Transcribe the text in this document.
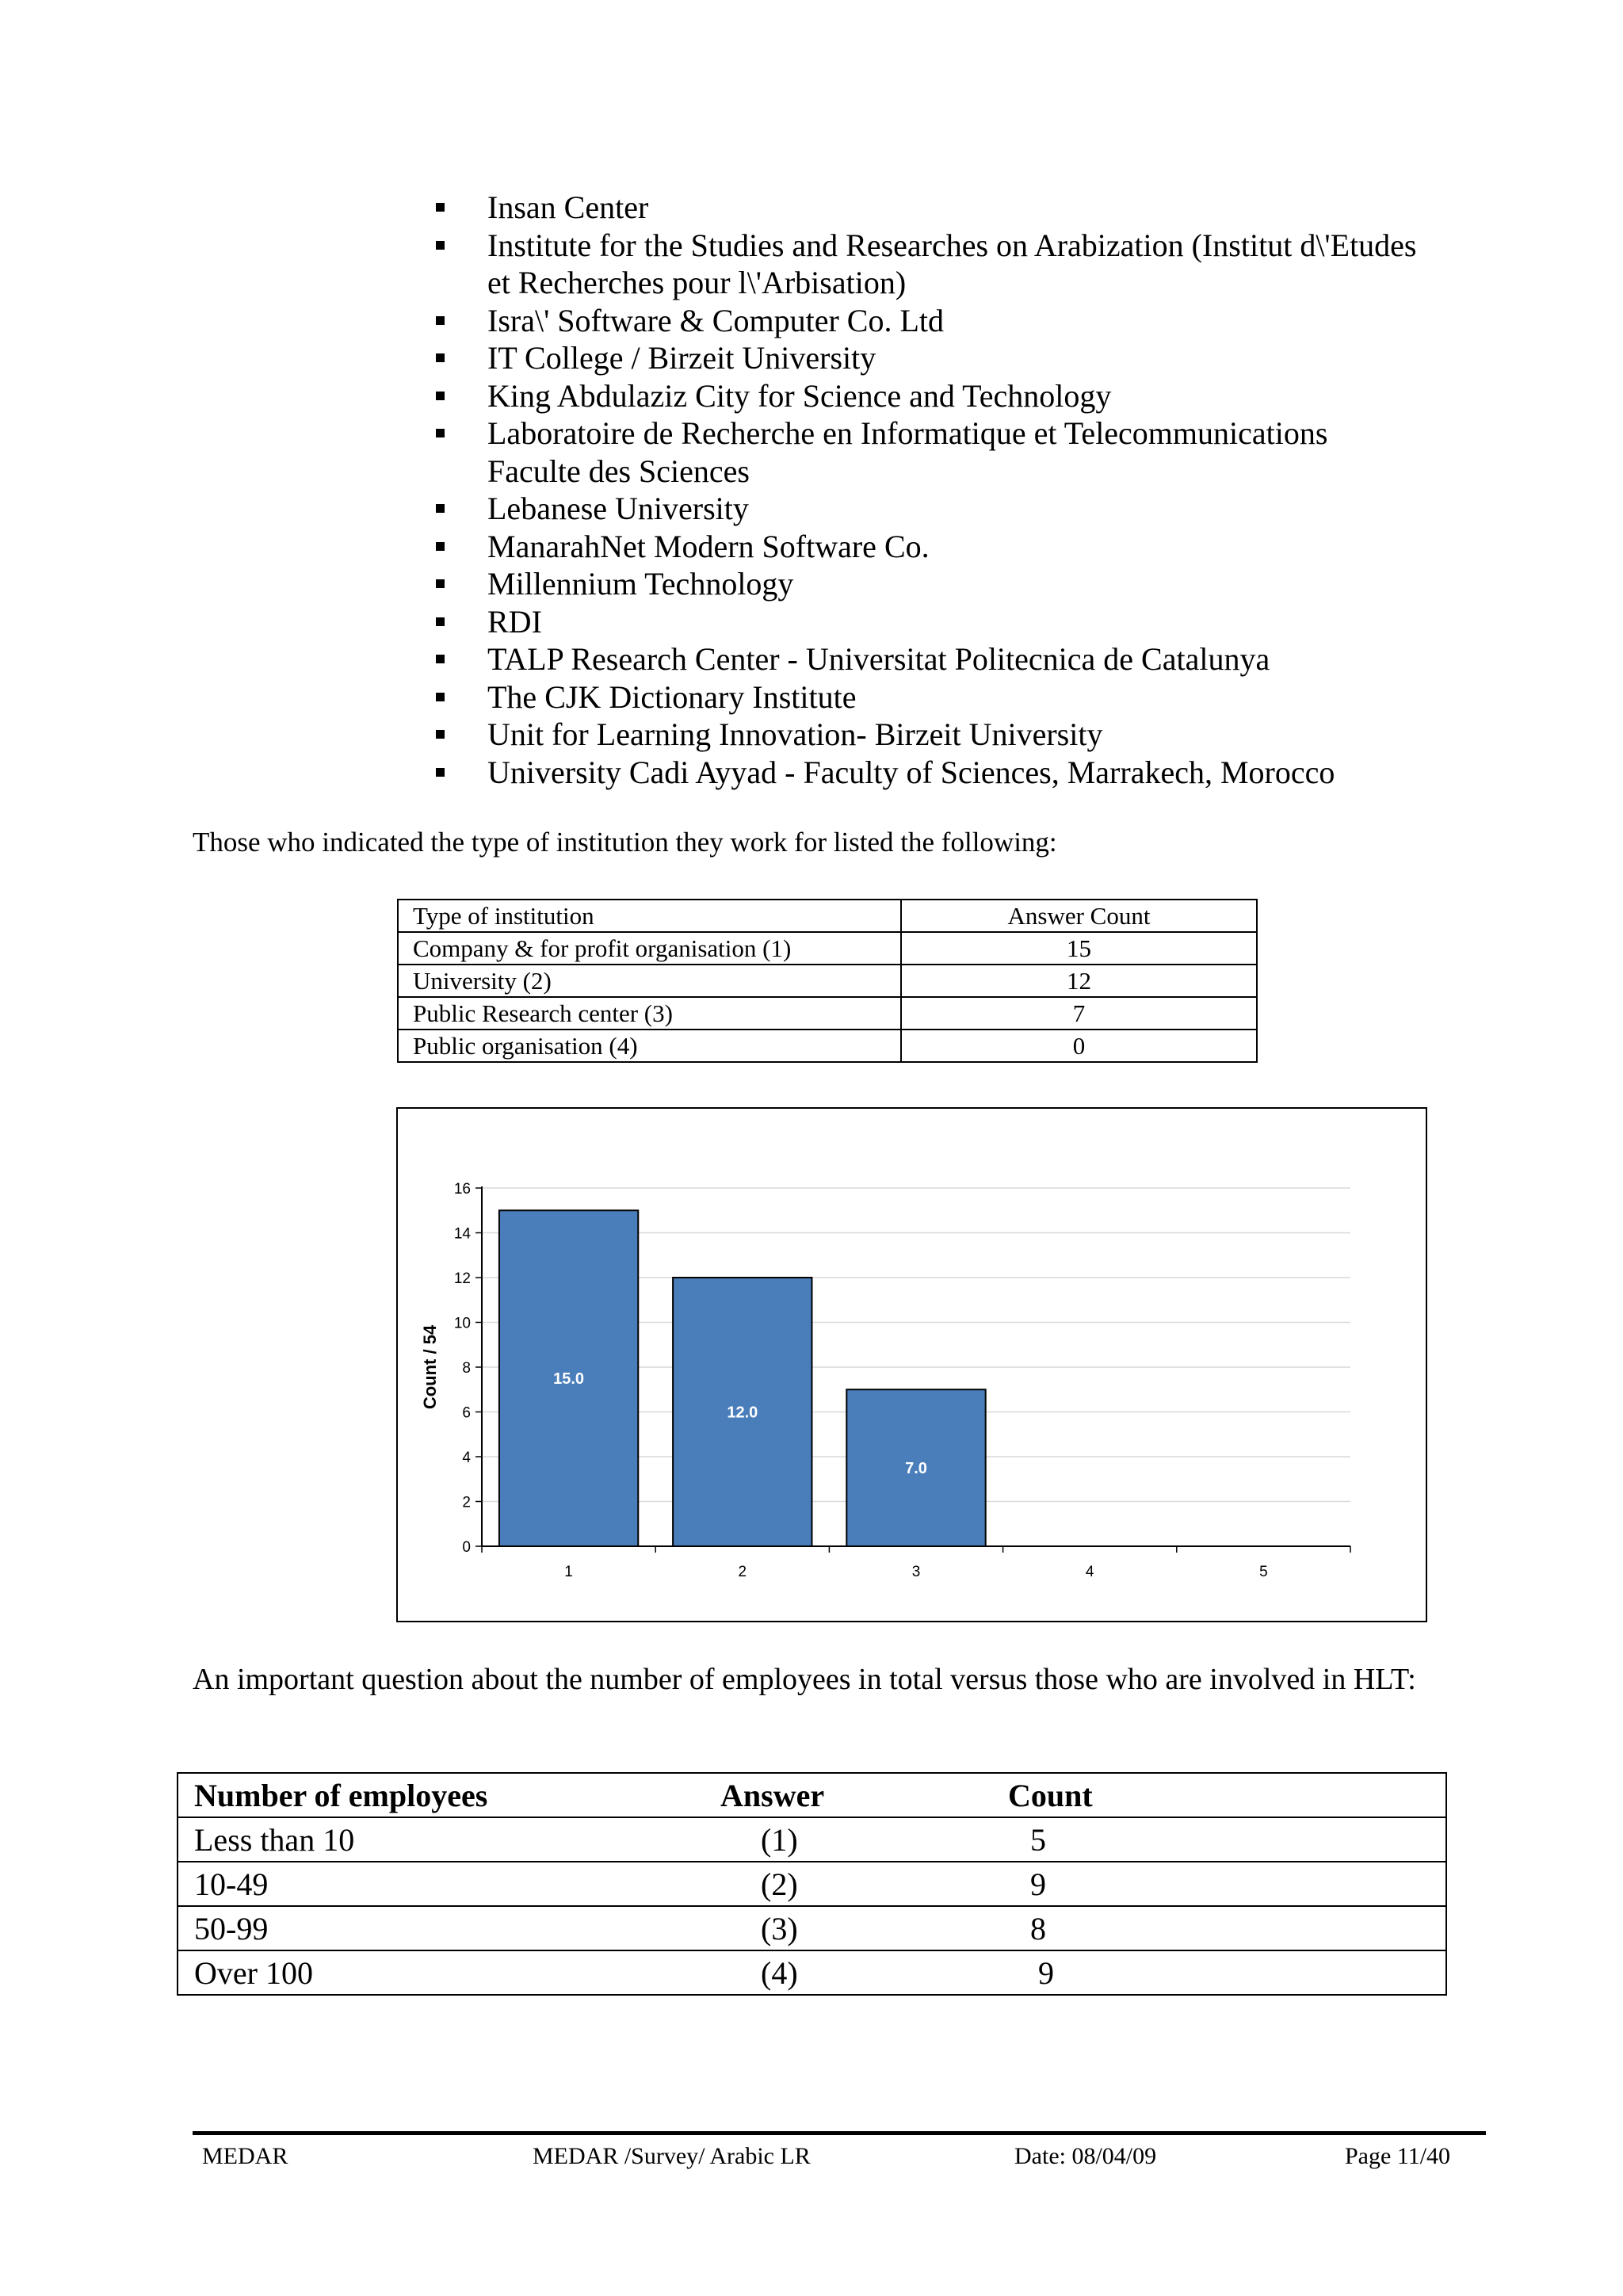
Insan Center
Institute for the Studies and Researches on Arabization (Institut d\'Etudes et Recherches pour l\'Arbisation)
Isra\' Software & Computer Co. Ltd
IT College / Birzeit University
King Abdulaziz City for Science and Technology
Laboratoire de Recherche en Informatique et Telecommunications Faculte des Sciences
Lebanese University
ManarahNet Modern Software Co.
Millennium Technology
RDI
TALP Research Center - Universitat Politecnica de Catalunya
The CJK Dictionary Institute
Unit for Learning Innovation- Birzeit University
University Cadi Ayyad - Faculty of Sciences, Marrakech, Morocco
Those who indicated the type of institution they work for listed the following:
Type of institution	Answer Count
Company & for profit organisation (1)	15
University (2)	12
Public Research center (3)	7
Public organisation (4)	0
0
2
4
6
8
10
12
14
16
15.0
1
12.0
2
7.0
3	4	5
Count / 54
An important question about the number of employees in total versus those who are involved in HLT:
Number of employees	Answer	Count

Less than 10	(1)	5

10-49	(2)	9

50-99	(3)	8

Over 100	(4)	9
MEDAR	MEDAR /Survey/ Arabic LR	Date: 08/04/09	Page 11/40
